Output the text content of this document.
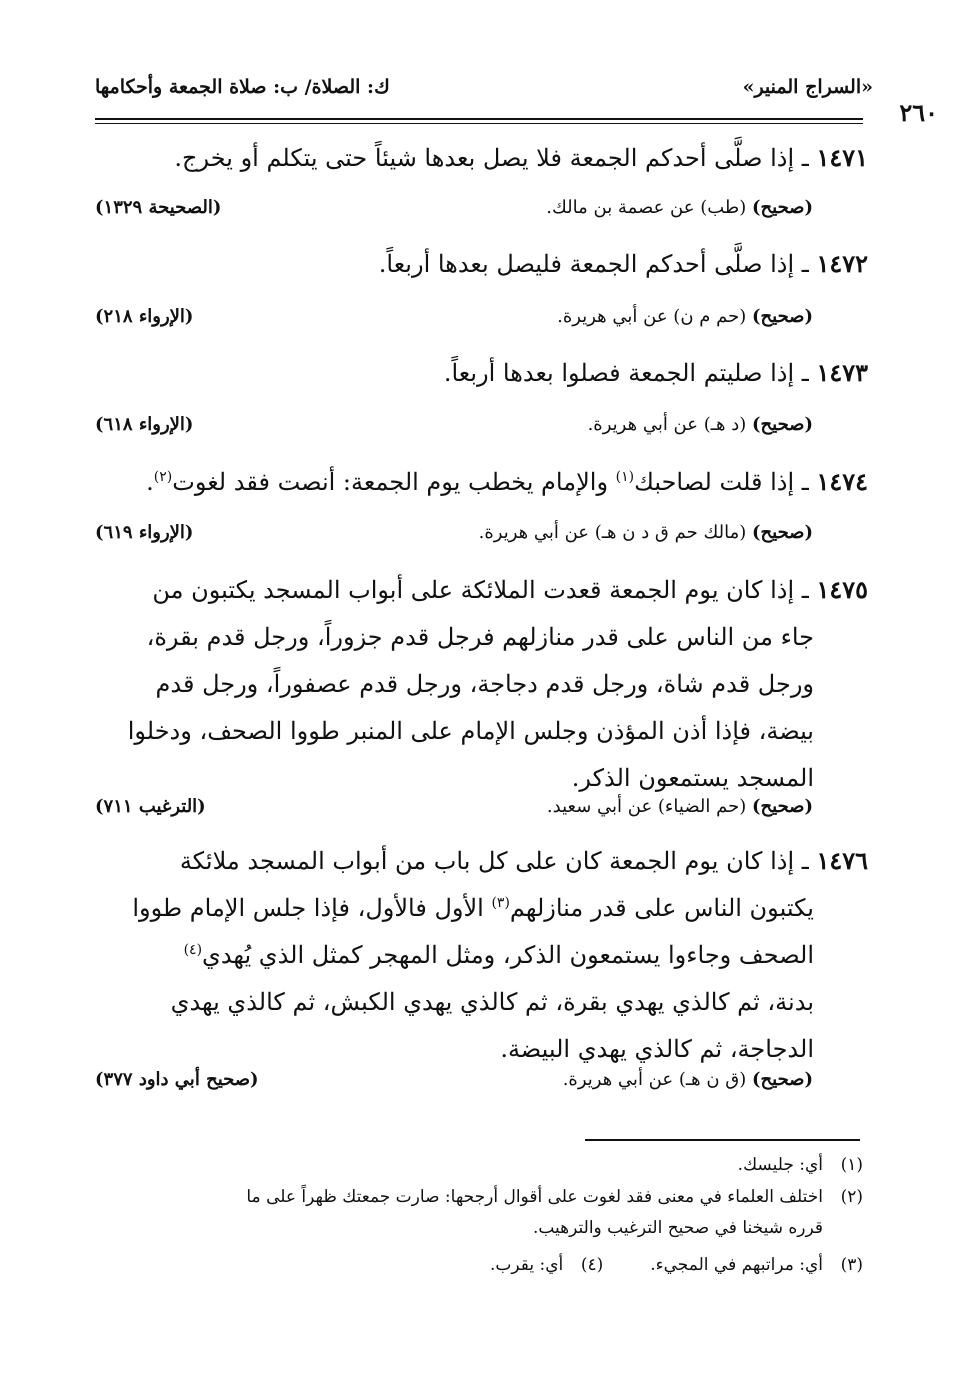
«السراج المنير»
ك: الصلاة/ ب: صلاة الجمعة وأحكامها
٢٦٠
١٤٧١ ـ إذا صلَّى أحدكم الجمعة فلا يصل بعدها شيئاً حتى يتكلم أو يخرج.
(صحيح) (طب) عن عصمة بن مالك.
(الصحيحة ١٣٢٩)
١٤٧٢ ـ إذا صلَّى أحدكم الجمعة فليصل بعدها أربعاً.
(صحيح) (حم م ن) عن أبي هريرة.
(الإرواء ٢١٨)
١٤٧٣ ـ إذا صليتم الجمعة فصلوا بعدها أربعاً.
(صحيح) (د هـ) عن أبي هريرة.
(الإرواء ٦١٨)
١٤٧٤ ـ إذا قلت لصاحبك$^{(١)}$ والإمام يخطب يوم الجمعة: أنصت فقد لغوت$^{(٢)}$.
(صحيح) (مالك حم ق د ن هـ) عن أبي هريرة.
(الإرواء ٦١٩)
١٤٧٥ ـ إذا كان يوم الجمعة قعدت الملائكة على أبواب المسجد يكتبون من
جاء من الناس على قدر منازلهم فرجل قدم جزوراً، ورجل قدم بقرة،
ورجل قدم شاة، ورجل قدم دجاجة، ورجل قدم عصفوراً، ورجل قدم
بيضة، فإذا أذن المؤذن وجلس الإمام على المنبر طووا الصحف، ودخلوا
المسجد يستمعون الذكر.
(صحيح) (حم الضياء) عن أبي سعيد.
(الترغيب ٧١١)
١٤٧٦ ـ إذا كان يوم الجمعة كان على كل باب من أبواب المسجد ملائكة
يكتبون الناس على قدر منازلهم$^{(٣)}$ الأول فالأول، فإذا جلس الإمام طووا
الصحف وجاءوا يستمعون الذكر، ومثل المهجر كمثل الذي يُهدي$^{(٤)}$
بدنة، ثم كالذي يهدي بقرة، ثم كالذي يهدي الكبش، ثم كالذي يهدي
الدجاجة، ثم كالذي يهدي البيضة.
(صحيح) (ق ن هـ) عن أبي هريرة.
(صحيح أبي داود ٣٧٧)
(١)أي: جليسك.
(٢)اختلف العلماء في معنى فقد لغوت على أقوال أرجحها: صارت جمعتك ظهراً على ما
قرره شيخنا في صحيح الترغيب والترهيب.
(٣)أي: مراتبهم في المجيء.
(٤)أي: يقرب.
